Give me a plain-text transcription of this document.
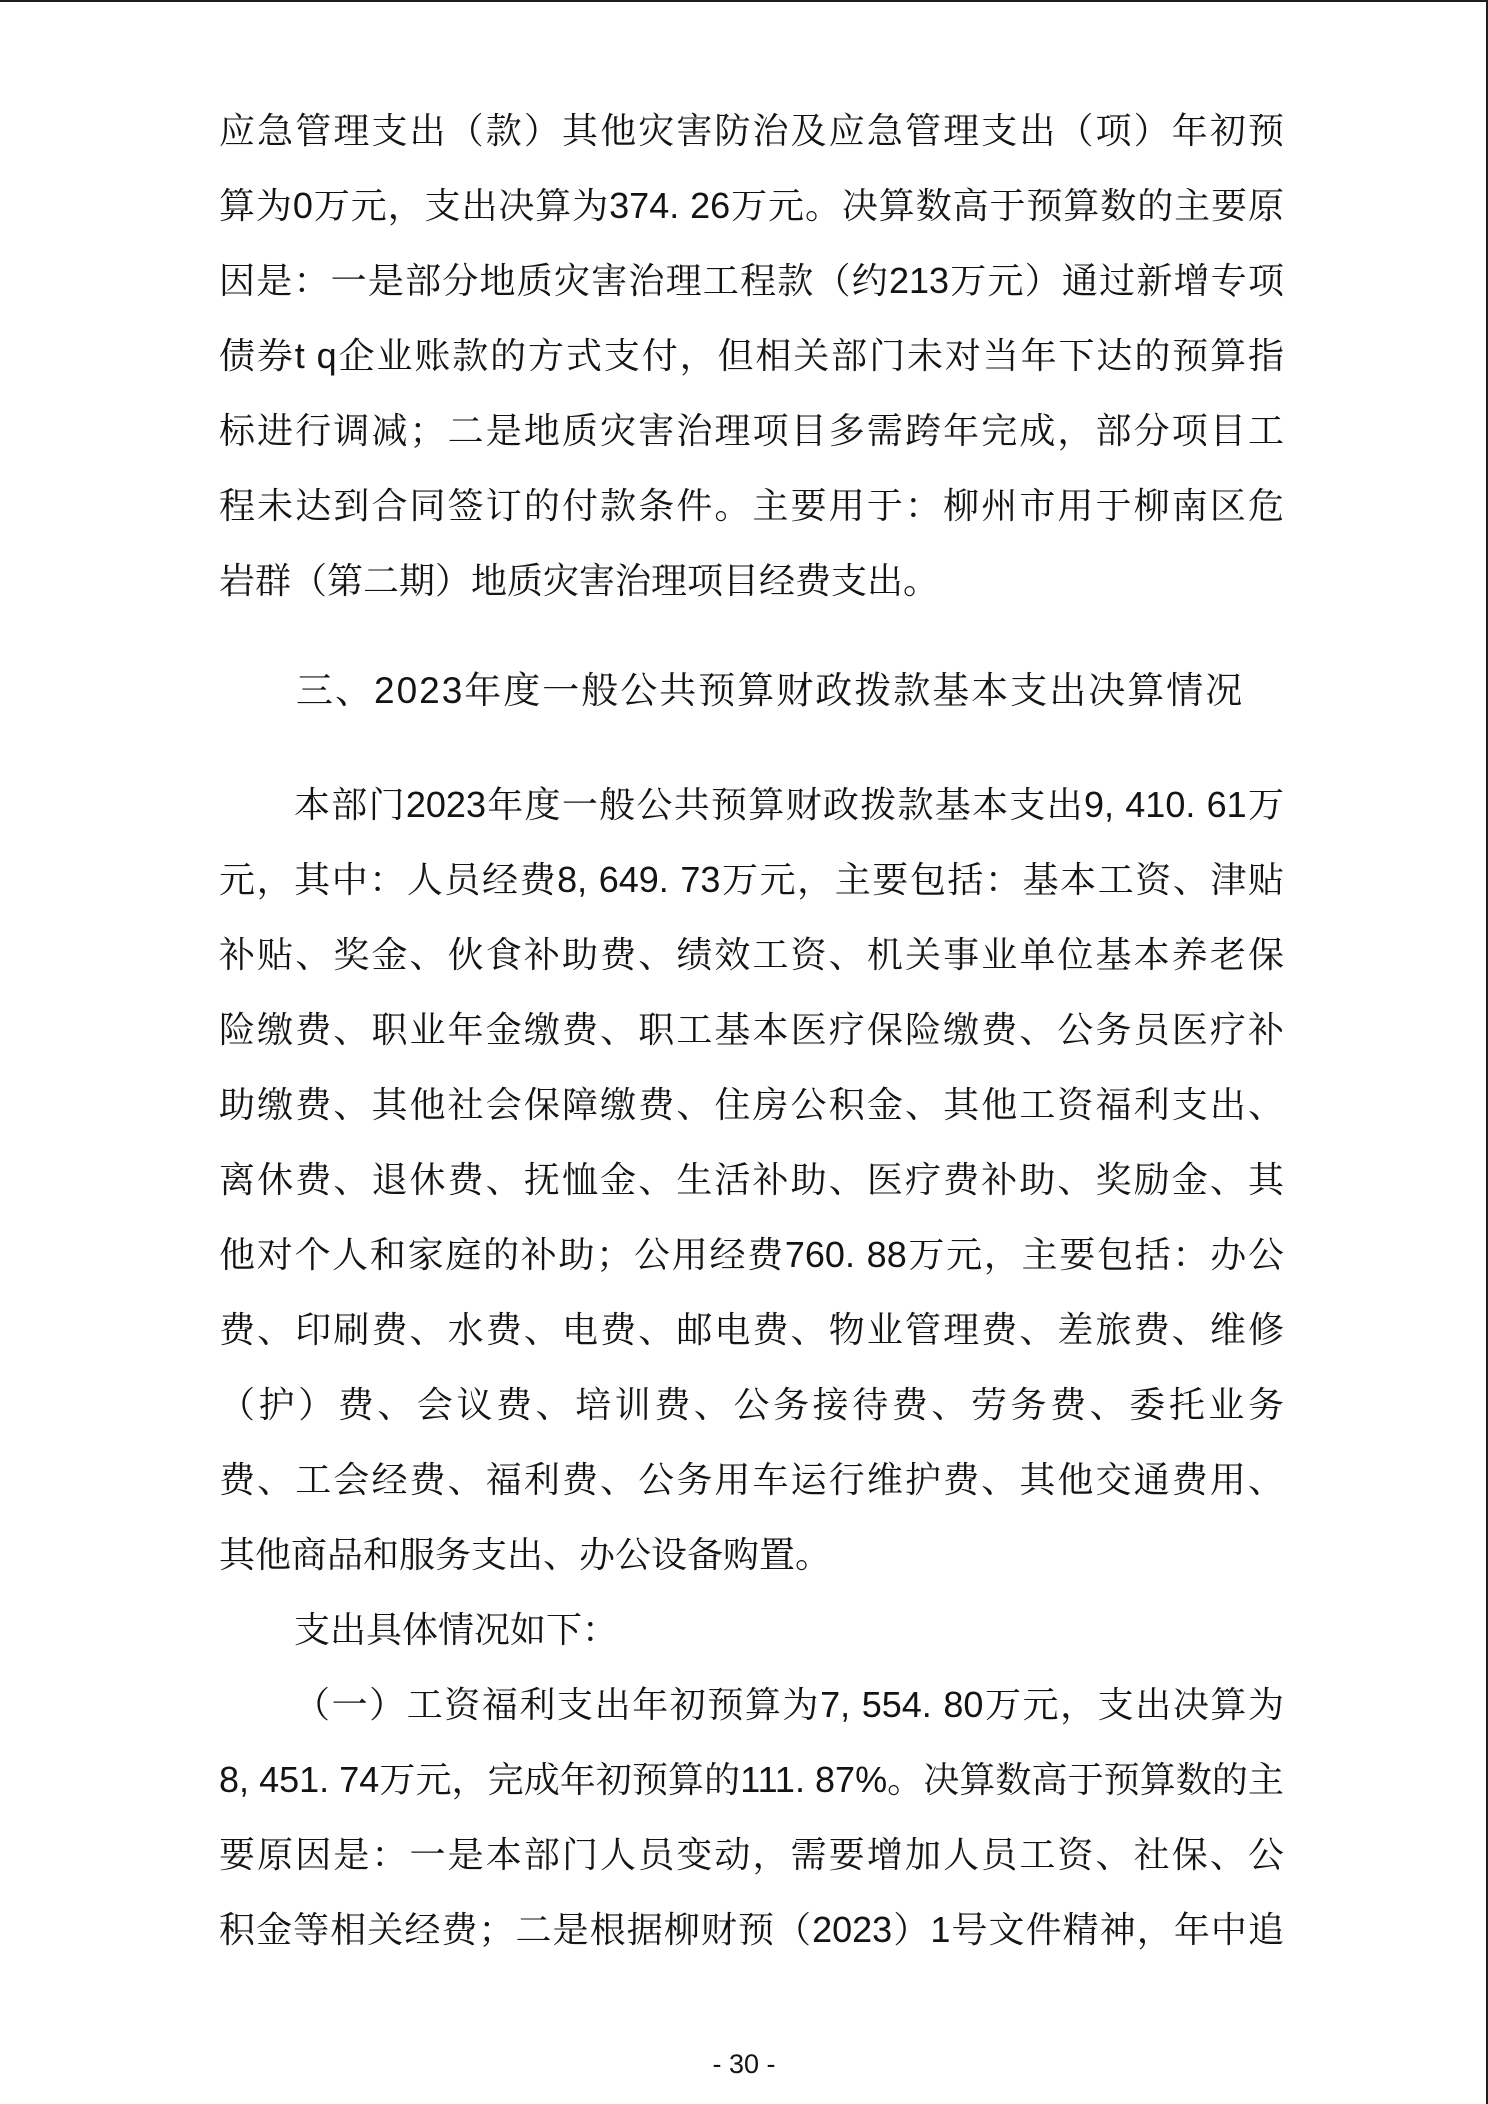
应急管理支出（款）其他灾害防治及应急管理支出（项）年初预
算为0万元，支出决算为374. 26万元。决算数高于预算数的主要原
因是：一是部分地质灾害治理工程款（约213万元）通过新增专项
债券t q企业账款的方式支付，但相关部门未对当年下达的预算指
标进行调减；二是地质灾害治理项目多需跨年完成，部分项目工
程未达到合同签订的付款条件。主要用于：柳州市用于柳南区危
岩群（第二期）地质灾害治理项目经费支出。
三、2023年度一般公共预算财政拨款基本支出决算情况
本部门2023年度一般公共预算财政拨款基本支出9, 410. 61万
元，其中：人员经费8, 649. 73万元，主要包括：基本工资、津贴
补贴、奖金、伙食补助费、绩效工资、机关事业单位基本养老保
险缴费、职业年金缴费、职工基本医疗保险缴费、公务员医疗补
助缴费、其他社会保障缴费、住房公积金、其他工资福利支出、
离休费、退休费、抚恤金、生活补助、医疗费补助、奖励金、其
他对个人和家庭的补助；公用经费760. 88万元，主要包括：办公
费、印刷费、水费、电费、邮电费、物业管理费、差旅费、维修
（护）费、会议费、培训费、公务接待费、劳务费、委托业务
费、工会经费、福利费、公务用车运行维护费、其他交通费用、
其他商品和服务支出、办公设备购置。
支出具体情况如下：
（一）工资福利支出年初预算为7, 554. 80万元，支出决算为
8, 451. 74万元，完成年初预算的111. 87%。决算数高于预算数的主
要原因是：一是本部门人员变动，需要增加人员工资、社保、公
积金等相关经费；二是根据柳财预（2023）1号文件精神，年中追
- 30 -
